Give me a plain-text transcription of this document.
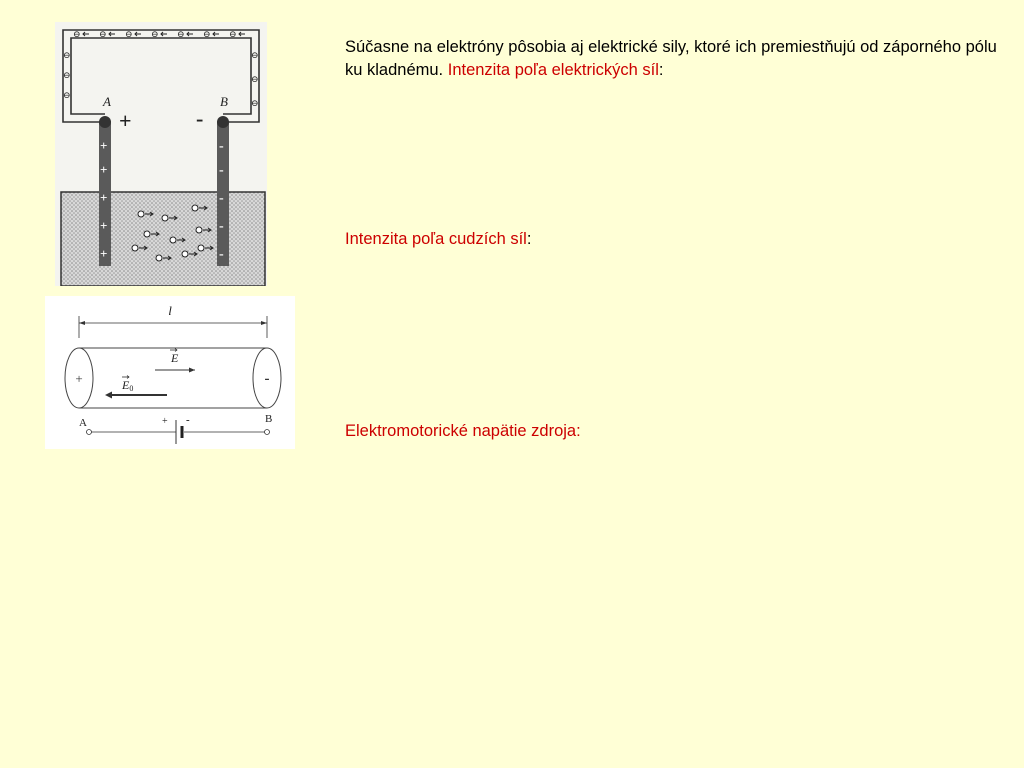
⊖ ⊖ ⊖ ⊖ ⊖ ⊖ ⊖
⊖
⊖
⊖
⊖
⊖
⊖
A	B
+	-
+
+
+
+
+
-
-
-
-
-
l
+	-
E
E0
A	B
+ -
Súčasne na elektróny pôsobia aj elektrické sily, ktoré ich premiestňujú od záporného pólu ku kladnému. Intenzita poľa elektrických síl:
Intenzita poľa cudzích síl:
Elektromotorické napätie zdroja:
